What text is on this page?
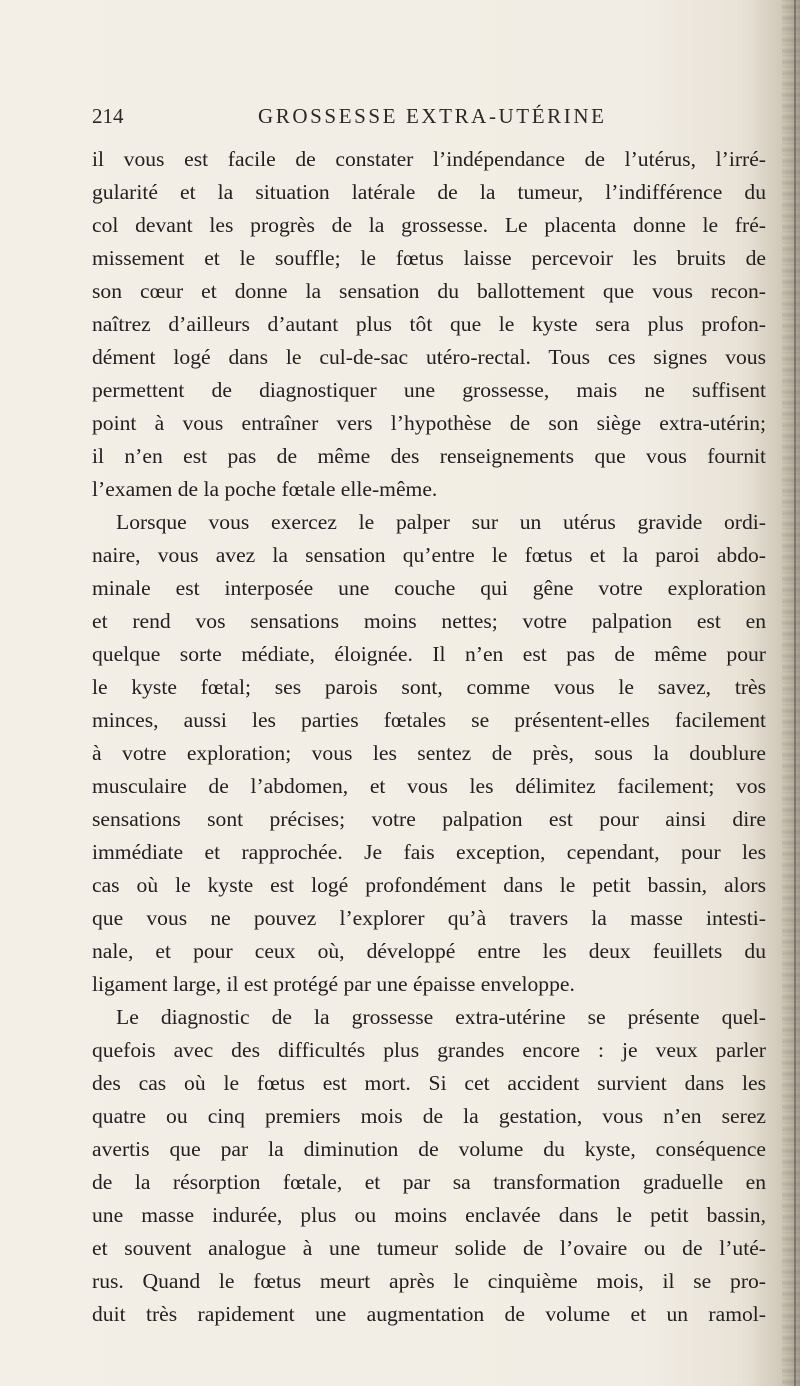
214	GROSSESSE EXTRA-UTÉRINE
il vous est facile de constater l’indépendance de l’utérus, l’irré-
gularité et la situation latérale de la tumeur, l’indifférence du
col devant les progrès de la grossesse. Le placenta donne le fré-
missement et le souffle; le fœtus laisse percevoir les bruits de
son cœur et donne la sensation du ballottement que vous recon-
naîtrez d’ailleurs d’autant plus tôt que le kyste sera plus profon-
dément logé dans le cul-de-sac utéro-rectal. Tous ces signes vous
permettent de diagnostiquer une grossesse, mais ne suffisent
point à vous entraîner vers l’hypothèse de son siège extra-utérin;
il n’en est pas de même des renseignements que vous fournit
l’examen de la poche fœtale elle-même.
Lorsque vous exercez le palper sur un utérus gravide ordi-
naire, vous avez la sensation qu’entre le fœtus et la paroi abdo-
minale est interposée une couche qui gêne votre exploration
et rend vos sensations moins nettes; votre palpation est en
quelque sorte médiate, éloignée. Il n’en est pas de même pour
le kyste fœtal; ses parois sont, comme vous le savez, très
minces, aussi les parties fœtales se présentent-elles facilement
à votre exploration; vous les sentez de près, sous la doublure
musculaire de l’abdomen, et vous les délimitez facilement; vos
sensations sont précises; votre palpation est pour ainsi dire
immédiate et rapprochée. Je fais exception, cependant, pour les
cas où le kyste est logé profondément dans le petit bassin, alors
que vous ne pouvez l’explorer qu’à travers la masse intesti-
nale, et pour ceux où, développé entre les deux feuillets du
ligament large, il est protégé par une épaisse enveloppe.
Le diagnostic de la grossesse extra-utérine se présente quel-
quefois avec des difficultés plus grandes encore : je veux parler
des cas où le fœtus est mort. Si cet accident survient dans les
quatre ou cinq premiers mois de la gestation, vous n’en serez
avertis que par la diminution de volume du kyste, conséquence
de la résorption fœtale, et par sa transformation graduelle en
une masse indurée, plus ou moins enclavée dans le petit bassin,
et souvent analogue à une tumeur solide de l’ovaire ou de l’uté-
rus. Quand le fœtus meurt après le cinquième mois, il se pro-
duit très rapidement une augmentation de volume et un ramol-
